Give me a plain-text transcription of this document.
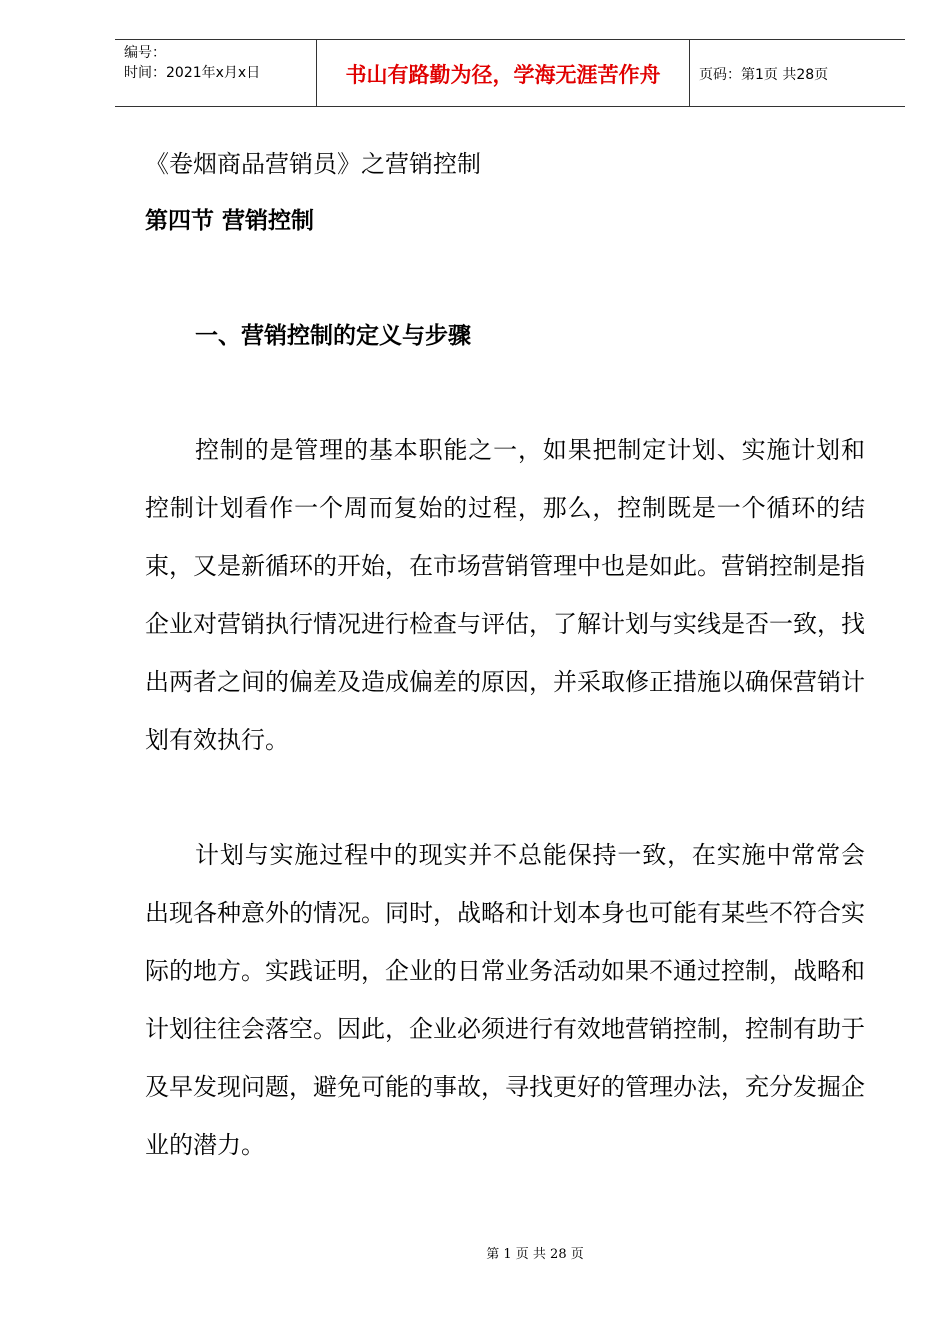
编号：
时间：2021年x月x日	书山有路勤为径，学海无涯苦作舟	页码：第1页 共28页
《卷烟商品营销员》之营销控制
第四节 营销控制
一、营销控制的定义与步骤

控制的是管理的基本职能之一，如果把制定计划、实施计划和控制计划看作一个周而复始的过程，那么，控制既是一个循环的结束，又是新循环的开始，在市场营销管理中也是如此。营销控制是指企业对营销执行情况进行检查与评估，了解计划与实线是否一致，找出两者之间的偏差及造成偏差的原因，并采取修正措施以确保营销计划有效执行。

计划与实施过程中的现实并不总能保持一致，在实施中常常会出现各种意外的情况。同时，战略和计划本身也可能有某些不符合实际的地方。实践证明，企业的日常业务活动如果不通过控制，战略和计划往往会落空。因此，企业必须进行有效地营销控制，控制有助于及早发现问题，避免可能的事故，寻找更好的管理办法，充分发掘企业的潜力。

第 1 页 共 28 页
